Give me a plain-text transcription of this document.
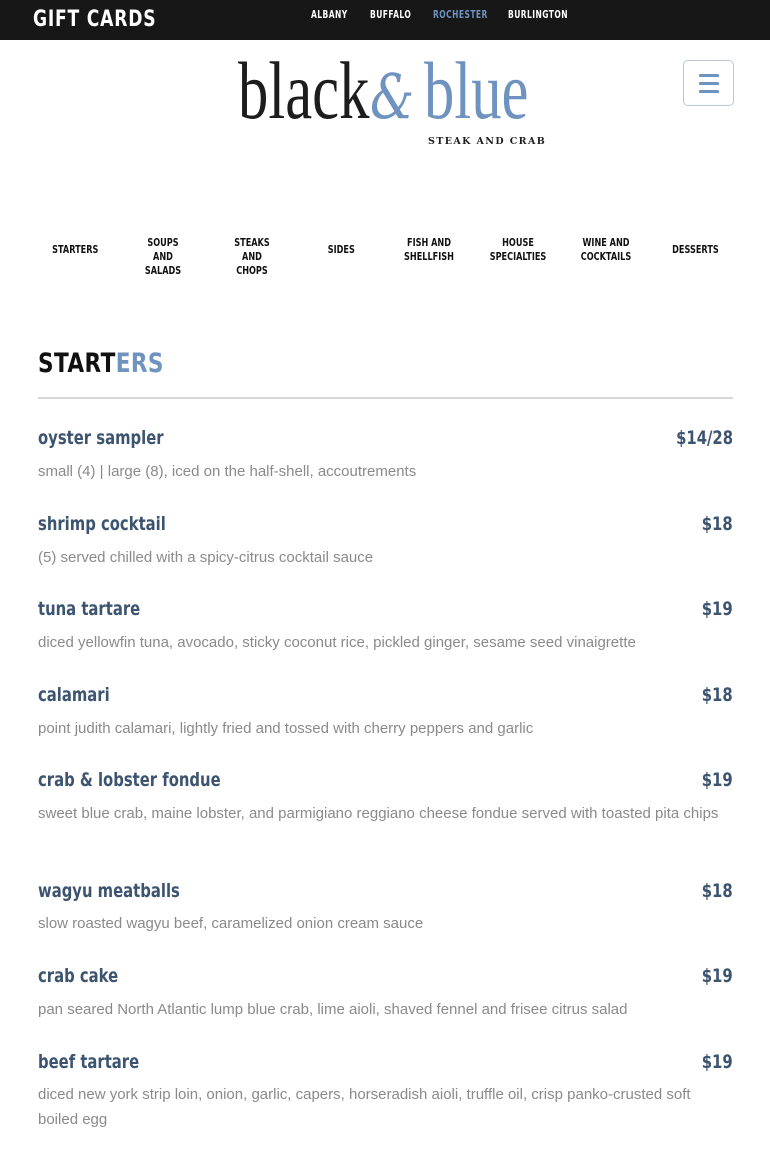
GIFT CARDS	ALBANY BUFFALO ROCHESTER BURLINGTON
black & blue
STEAK AND CRAB
STARTERS
SOUPS AND SALADS
STEAKS AND CHOPS
SIDES
FISH AND SHELLFISH
HOUSE SPECIALTIES
WINE AND COCKTAILS
DESSERTS
STARTERS
oyster sampler	$14/28
small (4) | large (8), iced on the half-shell, accoutrements
shrimp cocktail	$18
(5) served chilled with a spicy-citrus cocktail sauce
tuna tartare	$19
diced yellowfin tuna, avocado, sticky coconut rice, pickled ginger, sesame seed vinaigrette
calamari	$18
point judith calamari, lightly fried and tossed with cherry peppers and garlic
crab & lobster fondue	$19
sweet blue crab, maine lobster, and parmigiano reggiano cheese fondue served with toasted pita chips
wagyu meatballs	$18
slow roasted wagyu beef, caramelized onion cream sauce
crab cake	$19
pan seared North Atlantic lump blue crab, lime aioli, shaved fennel and frisee citrus salad
beef tartare	$19
diced new york strip loin, onion, garlic, capers, horseradish aioli, truffle oil, crisp panko-crusted soft boiled egg
